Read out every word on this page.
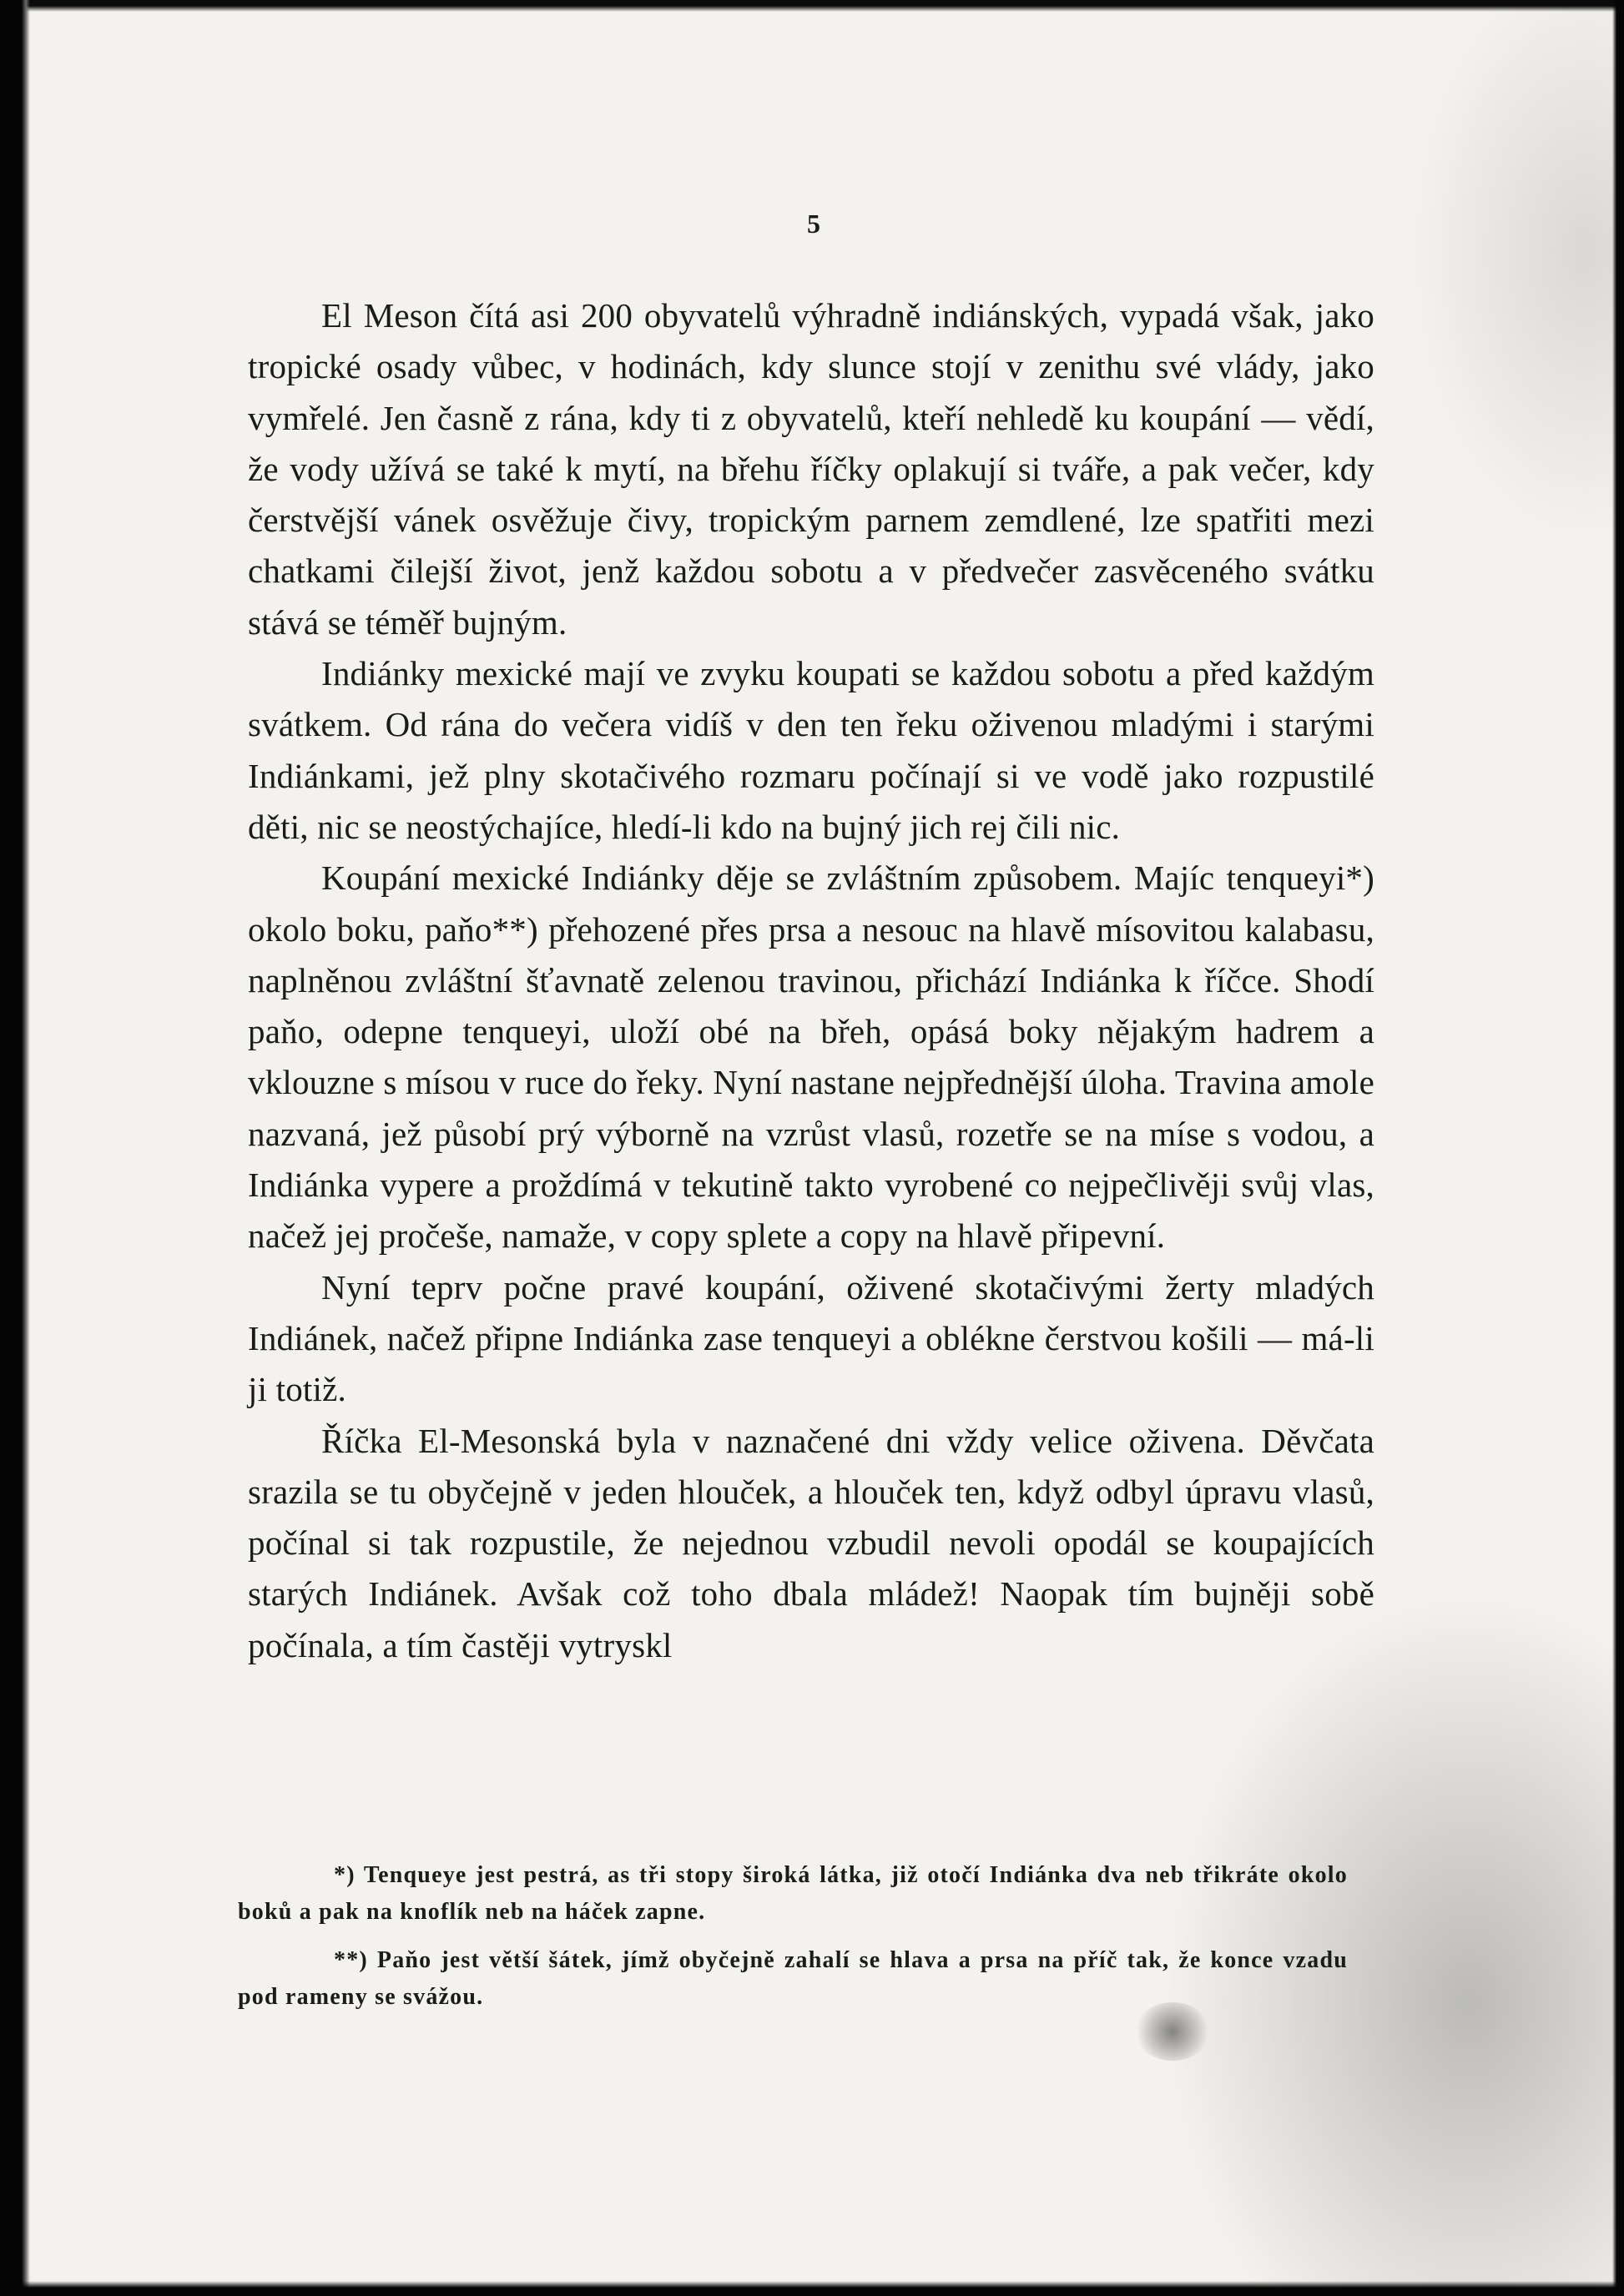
5

El Meson čítá asi 200 obyvatelů výhradně indiánských, vypadá však, jako tropické osady vůbec, v hodinách, kdy slunce stojí v zenithu své vlády, jako vymřelé. Jen časně z rána, kdy ti z obyvatelů, kteří nehledě ku koupání — vědí, že vody užívá se také k mytí, na břehu říčky oplakují si tváře, a pak večer, kdy čerstvější vánek osvěžuje čivy, tropickým parnem zemdlené, lze spatřiti mezi chatkami čilejší život, jenž každou sobotu a v předvečer zasvěceného svátku stává se téměř bujným.

Indiánky mexické mají ve zvyku koupati se každou sobotu a před každým svátkem. Od rána do večera vidíš v den ten řeku oživenou mladými i starými Indiánkami, jež plny skotačivého rozmaru počínají si ve vodě jako rozpustilé děti, nic se neostýchajíce, hledí-li kdo na bujný jich rej čili nic.

Koupání mexické Indiánky děje se zvláštním způsobem. Majíc tenqueyi*) okolo boku, paňo**) přehozené přes prsa a nesouc na hlavě mísovitou kalabasu, naplněnou zvláštní šťavnatě zelenou travinou, přichází Indiánka k říčce. Shodí paňo, odepne tenqueyi, uloží obé na břeh, opásá boky nějakým hadrem a vklouzne s mísou v ruce do řeky. Nyní nastane nejpřednější úloha. Travina amole nazvaná, jež působí prý výborně na vzrůst vlasů, rozetře se na míse s vodou, a Indiánka vypere a proždímá v tekutině takto vyrobené co nejpečlivěji svůj vlas, načež jej pročeše, namaže, v copy splete a copy na hlavě připevní.

Nyní teprv počne pravé koupání, oživené skotačivými žerty mladých Indiánek, načež připne Indiánka zase tenqueyi a obléknе čerstvou košili — má-li ji totiž.

Říčka El-Mesonská byla v naznačené dni vždy velice oživena. Děvčata srazila se tu obyčejně v jeden hlouček, a hlouček ten, když odbyl úpravu vlasů, počínal si tak rozpustile, že nejednou vzbudil nevoli opodál se koupajících starých Indiánek. Avšak což toho dbala mládež! Naopak tím bujněji sobě počínala, a tím častěji vytryskl

*) Tenqueye jest pestrá, as tři stopy široká látka, již otočí Indiánka dva neb třikráte okolo boků a pak na knoflík neb na háček zapne.

**) Paňo jest větší šátek, jímž obyčejně zahalí se hlava a prsa na příč tak, že konce vzadu pod rameny se svážou.
